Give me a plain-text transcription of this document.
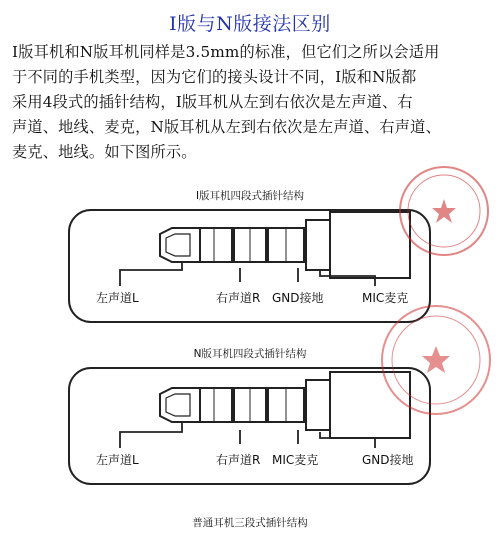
I版与N版接法区别
I版耳机和N版耳机同样是3.5mm的标准，但它们之所以会适用
于不同的手机类型，因为它们的接头设计不同，I版和N版都
采用4段式的插针结构，I版耳机从左到右依次是左声道、右
声道、地线、麦克，N版耳机从左到右依次是左声道、右声道、
麦克、地线。如下图所示。
I版耳机四段式插针结构
左声道L	右声道R GND接地	MIC麦克
N版耳机四段式插针结构
左声道L	右声道R MIC麦克	GND接地
普通耳机三段式插针结构
